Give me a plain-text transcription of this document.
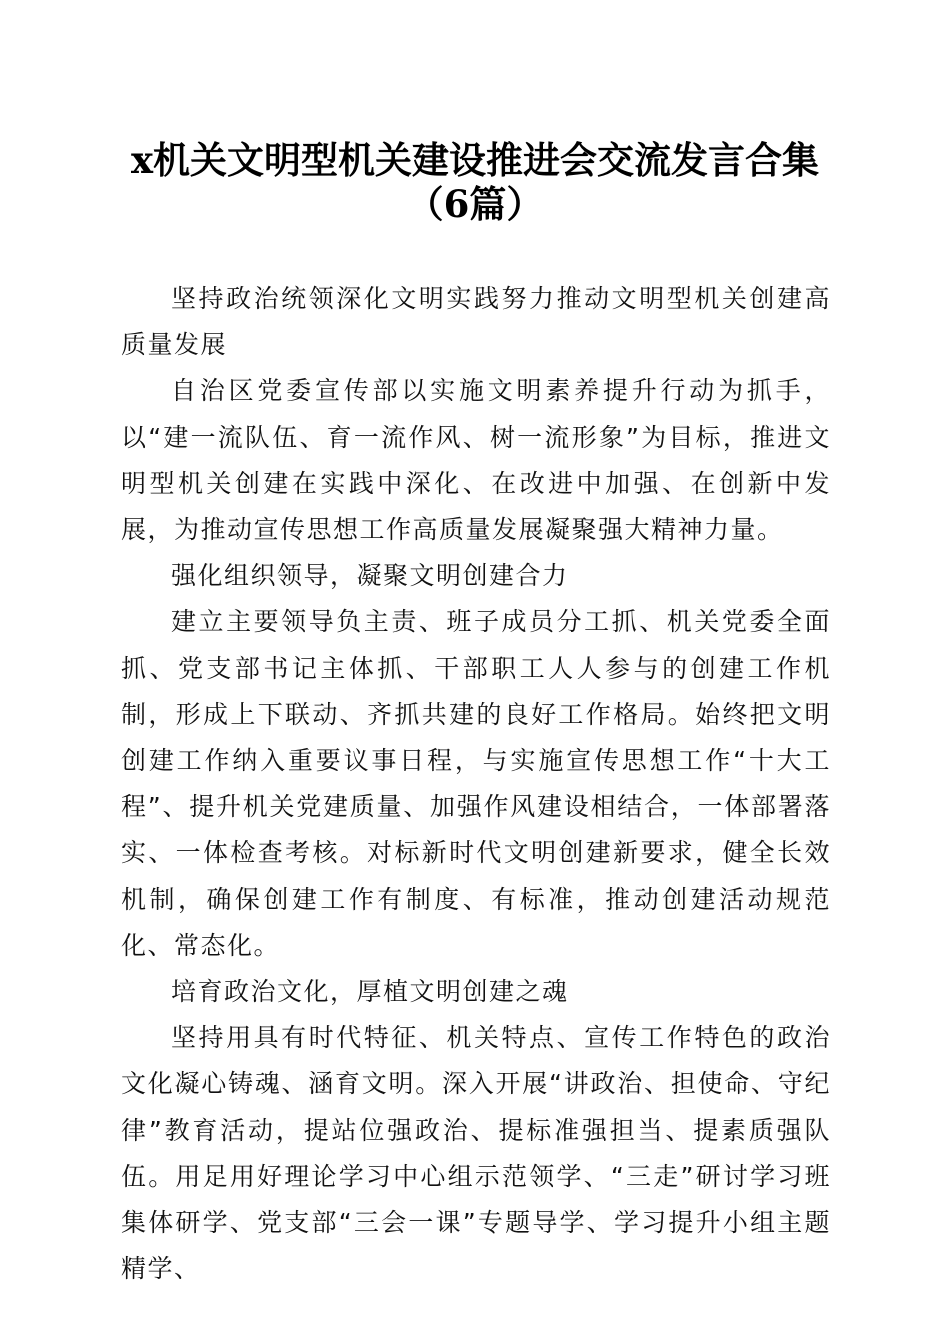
x机关文明型机关建设推进会交流发言合集
（6篇）

坚持政治统领深化文明实践努力推动文明型机关创建高质量发展

自治区党委宣传部以实施文明素养提升行动为抓手，以“建一流队伍、育一流作风、树一流形象”为目标，推进文明型机关创建在实践中深化、在改进中加强、在创新中发展，为推动宣传思想工作高质量发展凝聚强大精神力量。

强化组织领导，凝聚文明创建合力

建立主要领导负主责、班子成员分工抓、机关党委全面抓、党支部书记主体抓、干部职工人人参与的创建工作机制，形成上下联动、齐抓共建的良好工作格局。始终把文明创建工作纳入重要议事日程，与实施宣传思想工作“十大工程”、提升机关党建质量、加强作风建设相结合，一体部署落实、一体检查考核。对标新时代文明创建新要求，健全长效机制，确保创建工作有制度、有标准，推动创建活动规范化、常态化。

培育政治文化，厚植文明创建之魂

坚持用具有时代特征、机关特点、宣传工作特色的政治文化凝心铸魂、涵育文明。深入开展“讲政治、担使命、守纪律”教育活动，提站位强政治、提标准强担当、提素质强队伍。用足用好理论学习中心组示范领学、“三走”研讨学习班集体研学、党支部“三会一课”专题导学、学习提升小组主题精学、
